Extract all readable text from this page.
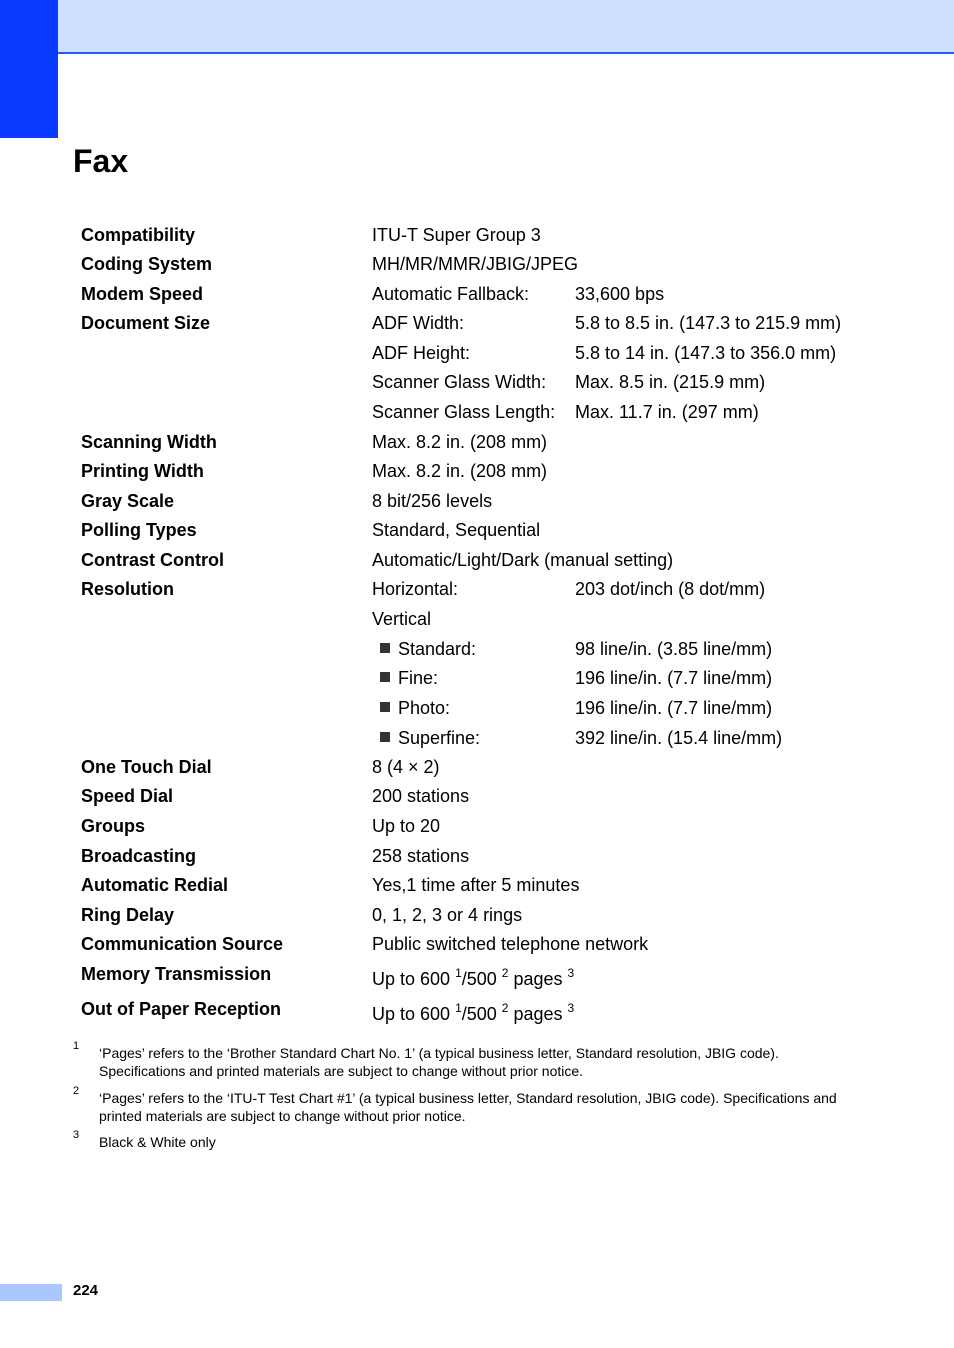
Fax
Compatibility	ITU-T Super Group 3
Coding System	MH/MR/MMR/JBIG/JPEG
Modem Speed	Automatic Fallback:	33,600 bps
Document Size	ADF Width:	5.8 to 8.5 in. (147.3 to 215.9 mm)
ADF Height:	5.8 to 14 in. (147.3 to 356.0 mm)
Scanner Glass Width: Max. 8.5 in. (215.9 mm)
Scanner Glass Length: Max. 11.7 in. (297 mm)
Scanning Width	Max. 8.2 in. (208 mm)
Printing Width	Max. 8.2 in. (208 mm)
Gray Scale	8 bit/256 levels
Polling Types	Standard, Sequential
Contrast Control	Automatic/Light/Dark (manual setting)
Resolution	Horizontal:	203 dot/inch (8 dot/mm)
Vertical
Standard:	98 line/in. (3.85 line/mm)
Fine:	196 line/in. (7.7 line/mm)
Photo:	196 line/in. (7.7 line/mm)
Superfine:	392 line/in. (15.4 line/mm)
One Touch Dial	8 (4 × 2)
Speed Dial	200 stations
Groups	Up to 20
Broadcasting	258 stations
Automatic Redial	Yes,1 time after 5 minutes
Ring Delay	0, 1, 2, 3 or 4 rings
Communication Source	Public switched telephone network
Memory Transmission	Up to 600 $^1$/500 $^2$ pages $^3$
Out of Paper Reception	Up to 600 $^1$/500 $^2$ pages $^3$
1 ‘Pages’ refers to the ‘Brother Standard Chart No. 1’ (a typical business letter, Standard resolution, JBIG code). Specifications and printed materials are subject to change without prior notice.
2 ‘Pages’ refers to the ‘ITU-T Test Chart #1’ (a typical business letter, Standard resolution, JBIG code). Specifications and printed materials are subject to change without prior notice.
3 Black & White only
224
